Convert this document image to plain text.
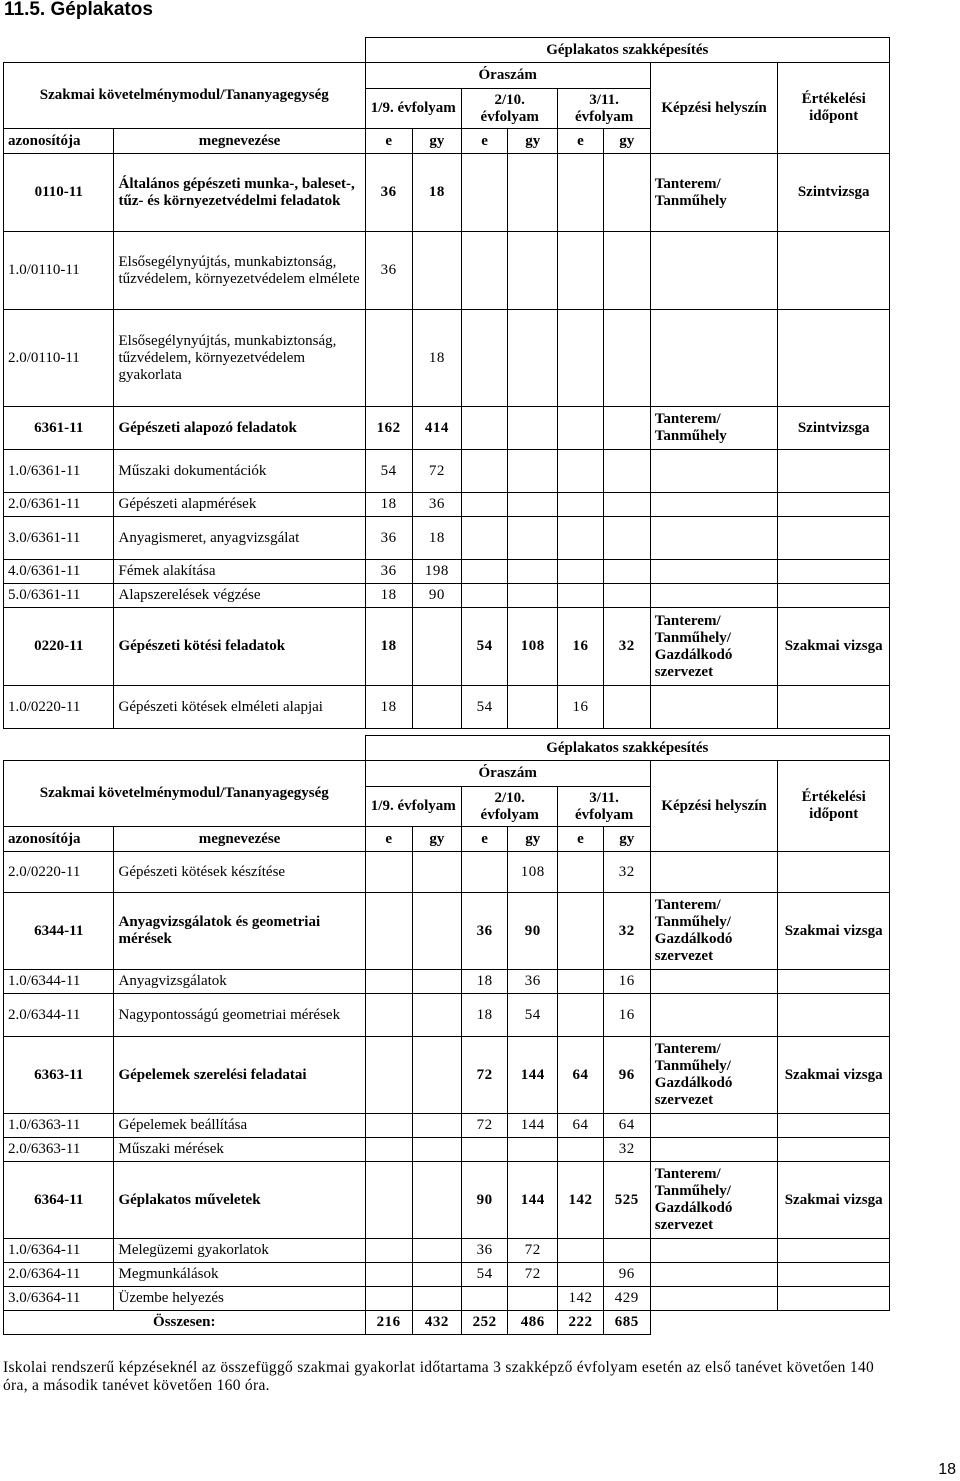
11.5. Géplakatos
		Géplakatos szakképesítés							
Szakmai követelménymodul/Tananyagegység		Óraszám						Képzési helyszín	Értékelési időpont
		1/9. évfolyam		2/10. évfolyam		3/11. évfolyam			
azonosítója	megnevezése	e	gy	e	gy	e	gy		
0110-11	Általános gépészeti munka-, baleset-, tűz- és környezetvédelmi feladatok	36	18					Tanterem/ Tanműhely	Szintvizsga
1.0/0110-11	Elsősegélynyújtás, munkabiztonság, tűzvédelem, környezetvédelem elmélete	36							
2.0/0110-11	Elsősegélynyújtás, munkabiztonság, tűzvédelem, környezetvédelem gyakorlata		18						
6361-11	Gépészeti alapozó feladatok	162	414					Tanterem/ Tanműhely	Szintvizsga
1.0/6361-11	Műszaki dokumentációk	54	72						
2.0/6361-11	Gépészeti alapmérések	18	36						
3.0/6361-11	Anyagismeret, anyagvizsgálat	36	18						
4.0/6361-11	Fémek alakítása	36	198						
5.0/6361-11	Alapszerelések végzése	18	90						
0220-11	Gépészeti kötési feladatok	18		54	108	16	32	Tanterem/ Tanműhely/ Gazdálkodó szervezet	Szakmai vizsga
1.0/0220-11	Gépészeti kötések elméleti alapjai	18		54		16			
		Géplakatos szakképesítés							
Szakmai követelménymodul/Tananyagegység		Óraszám						Képzési helyszín	Értékelési időpont
		1/9. évfolyam		2/10. évfolyam		3/11. évfolyam			
azonosítója	megnevezése	e	gy	e	gy	e	gy		
2.0/0220-11	Gépészeti kötések készítése				108		32		
6344-11	Anyagvizsgálatok és geometriai mérések			36	90		32	Tanterem/ Tanműhely/ Gazdálkodó szervezet	Szakmai vizsga
1.0/6344-11	Anyagvizsgálatok			18	36		16		
2.0/6344-11	Nagypontosságú geometriai mérések			18	54		16		
6363-11	Gépelemek szerelési feladatai			72	144	64	96	Tanterem/ Tanműhely/ Gazdálkodó szervezet	Szakmai vizsga
1.0/6363-11	Gépelemek beállítása			72	144	64	64		
2.0/6363-11	Műszaki mérések						32		
6364-11	Géplakatos műveletek			90	144	142	525	Tanterem/ Tanműhely/ Gazdálkodó szervezet	Szakmai vizsga
1.0/6364-11	Melegüzemi gyakorlatok			36	72				
2.0/6364-11	Megmunkálások			54	72		96		
3.0/6364-11	Üzembe helyezés					142	429		
Összesen:		216	432	252	486	222	685		
Iskolai rendszerű képzéseknél az összefüggő szakmai gyakorlat időtartama 3 szakképző évfolyam esetén az első tanévet követően 140 óra, a második tanévet követően 160 óra.
18
